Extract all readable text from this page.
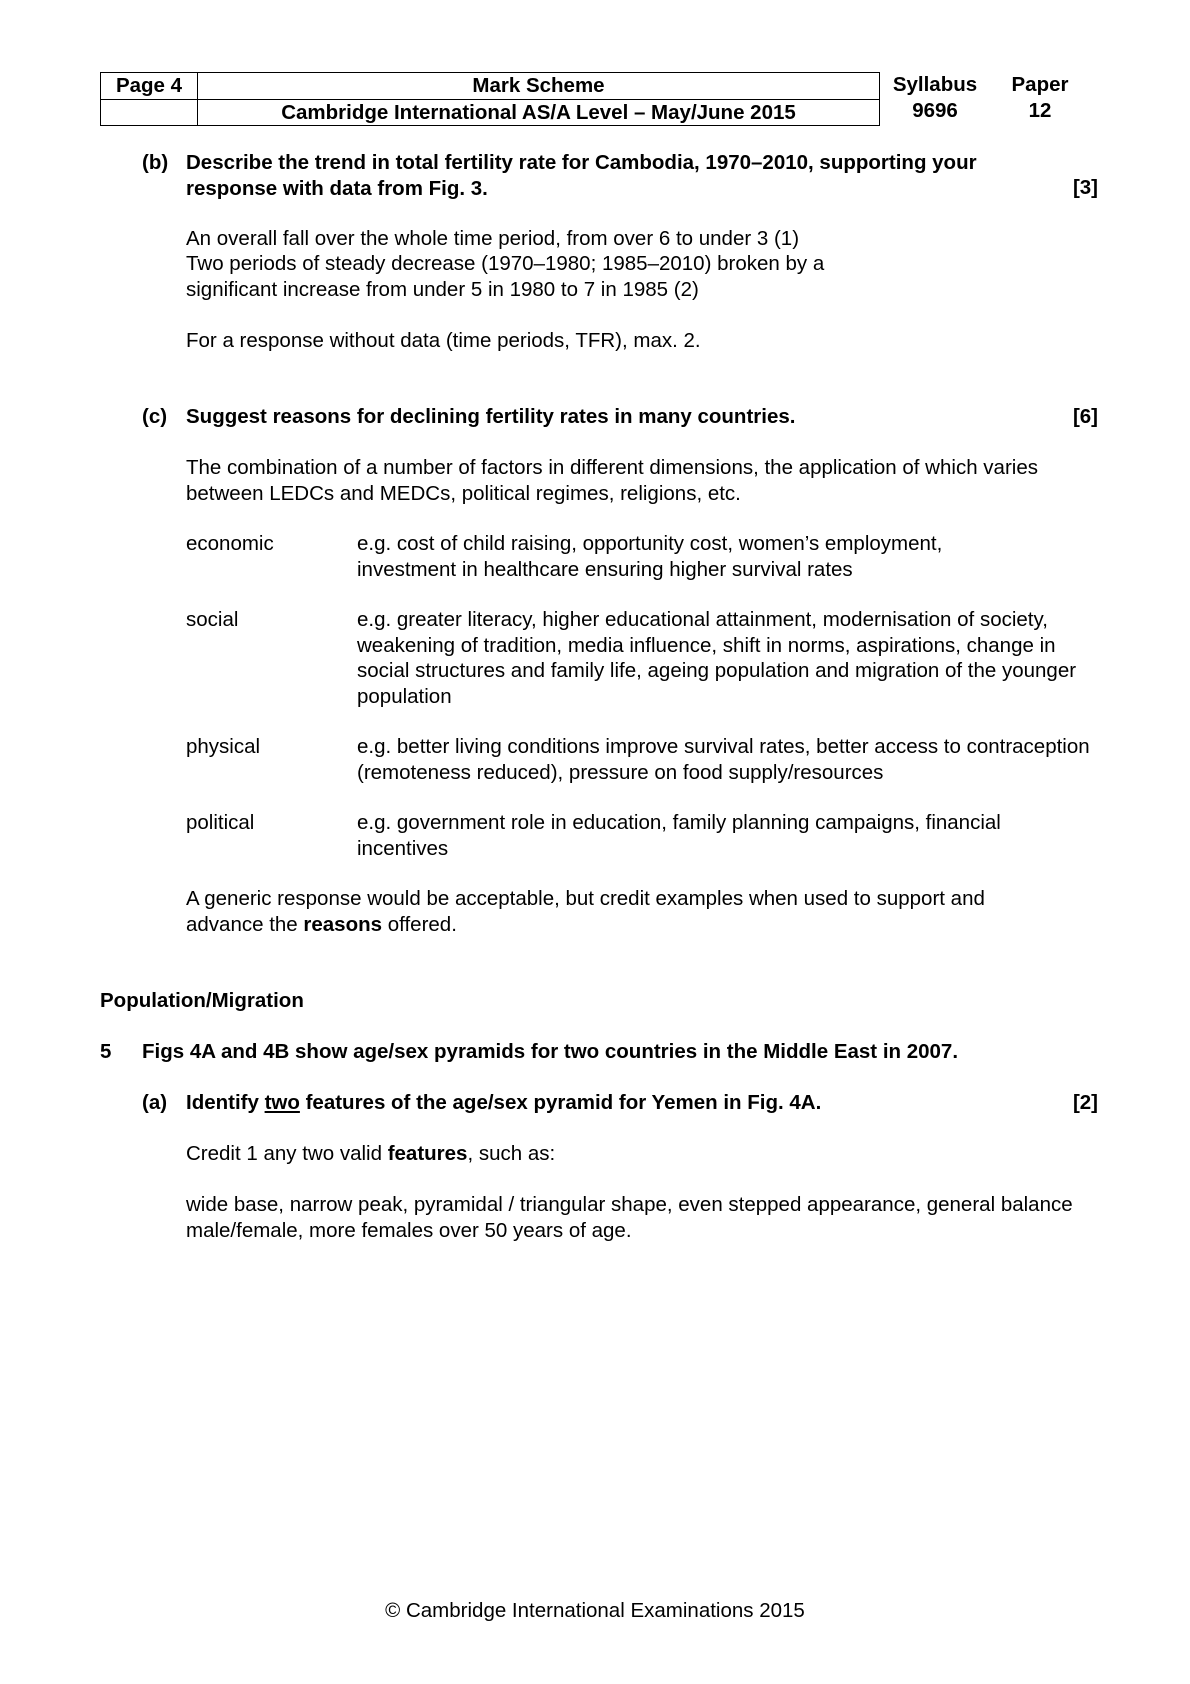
Page 4	Mark Scheme
	Cambridge International AS/A Level – May/June 2015
Syllabus
9696
Paper
12
(b) Describe the trend in total fertility rate for Cambodia, 1970–2010, supporting your response with data from Fig. 3.	[3]
An overall fall over the whole time period, from over 6 to under 3 (1)
Two periods of steady decrease (1970–1980; 1985–2010) broken by a significant increase from under 5 in 1980 to 7 in 1985 (2)
For a response without data (time periods, TFR), max. 2.
(c) Suggest reasons for declining fertility rates in many countries.	[6]
The combination of a number of factors in different dimensions, the application of which varies between LEDCs and MEDCs, political regimes, religions, etc.
economic	e.g. cost of child raising, opportunity cost, women’s employment, investment in healthcare ensuring higher survival rates
social	e.g. greater literacy, higher educational attainment, modernisation of society, weakening of tradition, media influence, shift in norms, aspirations, change in social structures and family life, ageing population and migration of the younger population
physical	e.g. better living conditions improve survival rates, better access to contraception (remoteness reduced), pressure on food supply/resources
political	e.g. government role in education, family planning campaigns, financial incentives
A generic response would be acceptable, but credit examples when used to support and advance the reasons offered.
Population/Migration
5 Figs 4A and 4B show age/sex pyramids for two countries in the Middle East in 2007.
(a) Identify two features of the age/sex pyramid for Yemen in Fig. 4A.	[2]
Credit 1 any two valid features, such as:
wide base, narrow peak, pyramidal / triangular shape, even stepped appearance, general balance male/female, more females over 50 years of age.
© Cambridge International Examinations 2015
